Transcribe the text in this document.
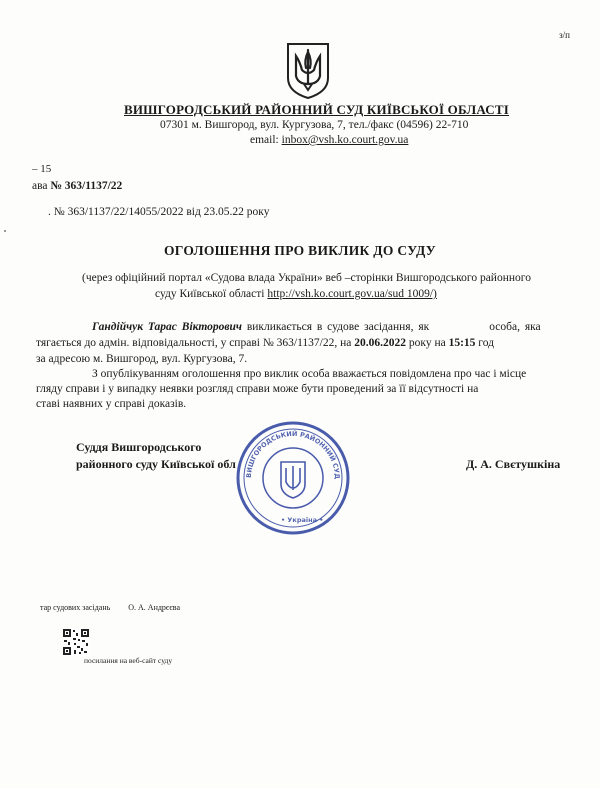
з/п
ВИШГОРОДСЬКИЙ РАЙОННИЙ СУД КИЇВСЬКОЇ ОБЛАСТІ
07301 м. Вишгород, вул. Кургузова, 7, тел./факс (04596) 22-710
email: inbox@vsh.ko.court.gov.ua
– 15
ава № 363/1137/22
. № 363/1137/22/14055/2022 від 23.05.22 року
ОГОЛОШЕННЯ ПРО ВИКЛИК ДО СУДУ
(через офіційний портал «Судова влада України» веб –сторінки Вишгородського районного
суду Київської області http://vsh.ko.court.gov.ua/sud 1009/)
Гандійчук Тарас Вікторович викликається в судове засідання, як	особа, яка
тягається до адмін. відповідальності, у справі № 363/1137/22, на 20.06.2022 року на 15:15 год
за адресою м. Вишгород, вул. Кургузова, 7.
З опублікуванням оголошення про виклик особа вважається повідомлена про час і місце
гляду справи і у випадку неявки розгляд справи може бути проведений за її відсутності на
ставі наявних у справі доказів.
Суддя Вишгородського
районного суду Київської обл	Д. А. Свєтушкіна
ВИШГОРОДСЬКИЙ РАЙОННИЙ СУД
• Україна •
тар судових засідань О. А. Андрєєва
посилання на веб-сайт суду
